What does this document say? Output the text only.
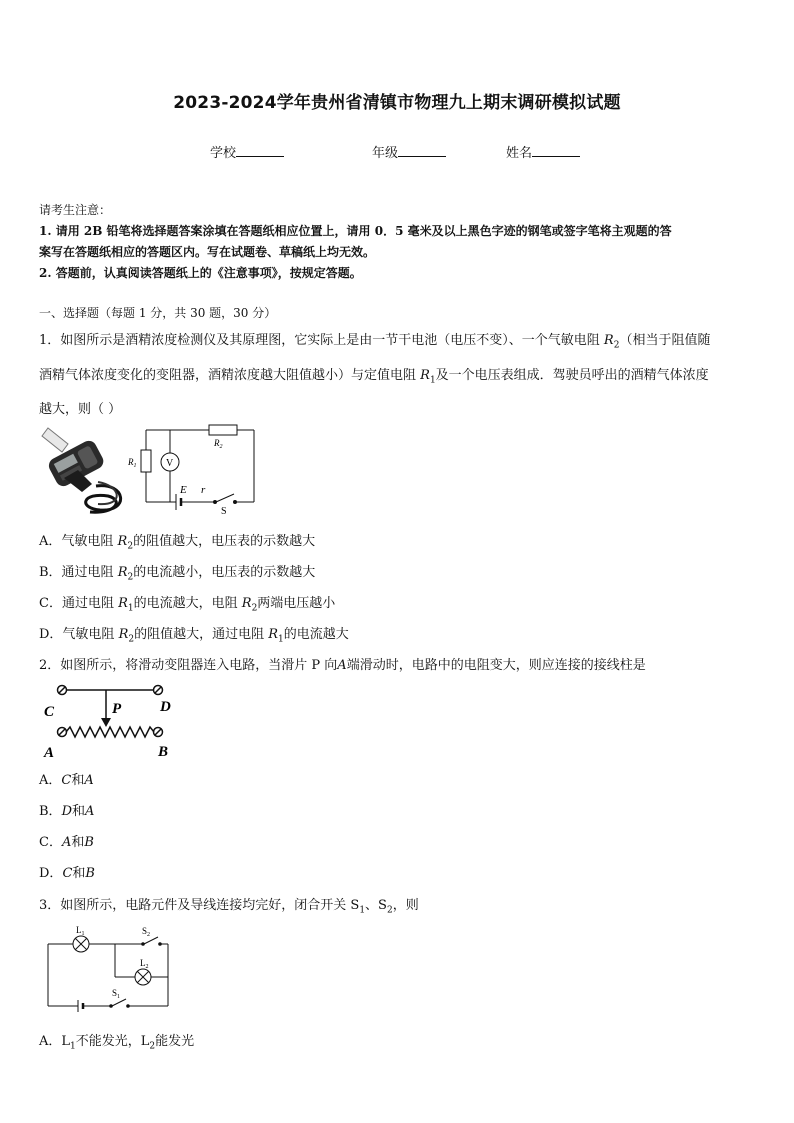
2023-2024学年贵州省清镇市物理九上期末调研模拟试题
学校	年级	姓名
请考生注意：
1. 请用 2B 铅笔将选择题答案涂填在答题纸相应位置上，请用 0．5 毫米及以上黑色字迹的钢笔或签字笔将主观题的答
案写在答题纸相应的答题区内。写在试题卷、草稿纸上均无效。
2. 答题前，认真阅读答题纸上的《注意事项》，按规定答题。
一、选择题（每题 1 分，共 30 题，30 分）
1．如图所示是酒精浓度检测仪及其原理图，它实际上是由一节干电池（电压不变）、一个气敏电阻 $R_2$（相当于阻值随
酒精气体浓度变化的变阻器，酒精浓度越大阻值越小）与定值电阻 $R_1$及一个电压表组成．驾驶员呼出的酒精气体浓度
越大，则（ ）
$R_2$
$R_1$	V
E r
S
A．气敏电阻 $R_2$的阻值越大，电压表的示数越大
B．通过电阻 $R_2$的电流越小，电压表的示数越大
C．通过电阻 $R_1$的电流越大，电阻 $R_2$两端电压越小
D．气敏电阻 $R_2$的阻值越大，通过电阻 $R_1$的电流越大
2．如图所示，将滑动变阻器连入电路，当滑片 P 向A端滑动时，电路中的电阻变大，则应连接的接线柱是
C	D
P
A	B
A．C和A
B．D和A
C．A和B
D．C和B
3．如图所示，电路元件及导线连接均完好，闭合开关 $S_1$、$S_2$，则
$L_1$
$L_2$
$S_2$
$S_1$
A．$L_1$不能发光，$L_2$能发光
